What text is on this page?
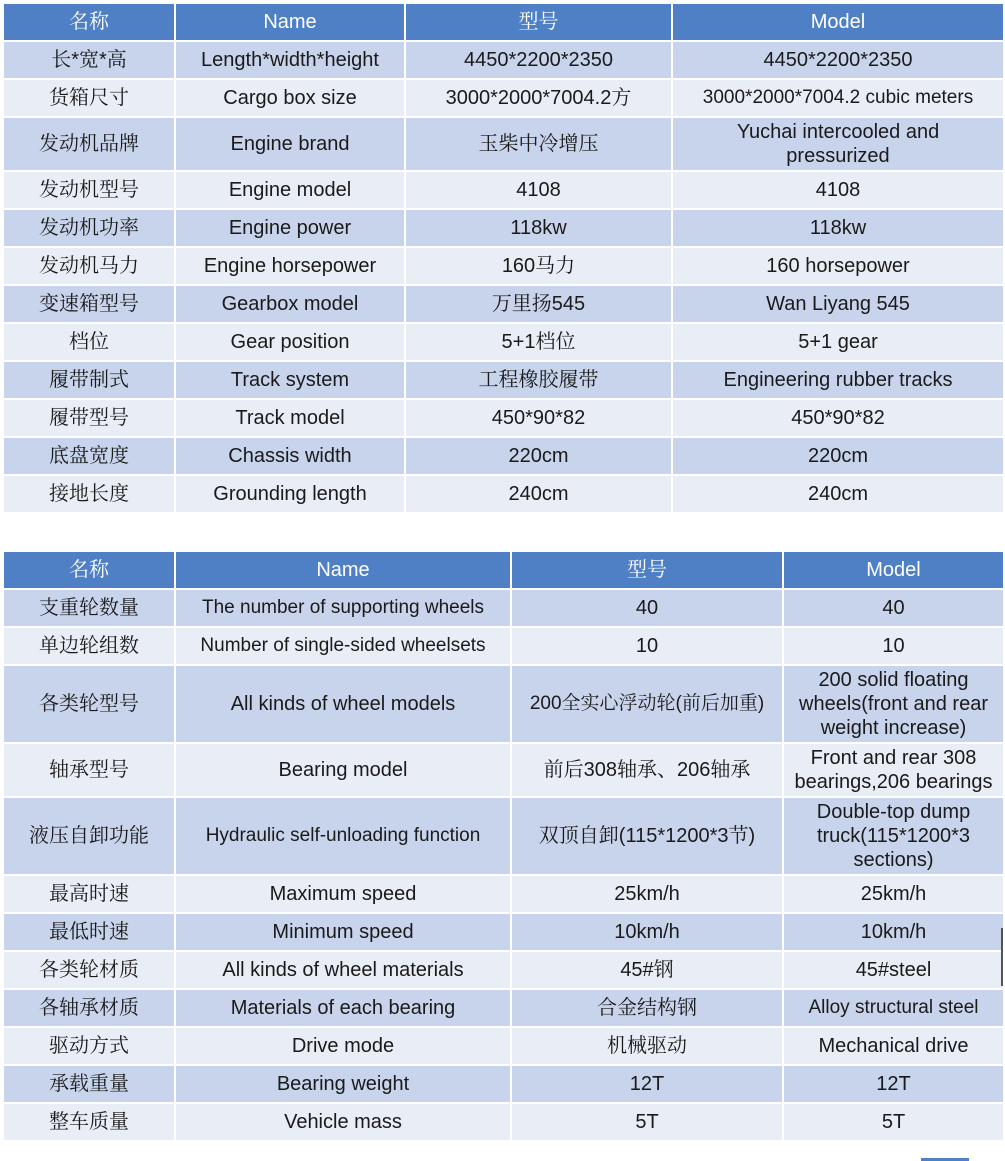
名称	Name	型号	Model
长*宽*高	Length*width*height	4450*2200*2350	4450*2200*2350
货箱尺寸	Cargo box size	3000*2000*7004.2方	3000*2000*7004.2 cubic meters
发动机品牌	Engine brand	玉柴中冷增压	Yuchai intercooled and pressurized
发动机型号	Engine model	4108	4108
发动机功率	Engine power	118kw	118kw
发动机马力	Engine horsepower	160马力	160 horsepower
变速箱型号	Gearbox model	万里扬545	Wan Liyang 545
档位	Gear position	5+1档位	5+1 gear
履带制式	Track system	工程橡胶履带	Engineering rubber tracks
履带型号	Track model	450*90*82	450*90*82
底盘宽度	Chassis width	220cm	220cm
接地长度	Grounding length	240cm	240cm
名称	Name	型号	Model
支重轮数量	The number of supporting wheels	40	40
单边轮组数	Number of single-sided wheelsets	10	10
各类轮型号	All kinds of wheel models	200全实心浮动轮(前后加重)	200 solid floating wheels(front and rear weight increase)
轴承型号	Bearing model	前后308轴承、206轴承	Front and rear 308 bearings,206 bearings
液压自卸功能	Hydraulic self-unloading function	双顶自卸(115*1200*3节)	Double-top dump truck(115*1200*3 sections)
最高时速	Maximum speed	25km/h	25km/h
最低时速	Minimum speed	10km/h	10km/h
各类轮材质	All kinds of wheel materials	45#钢	45#steel
各轴承材质	Materials of each bearing	合金结构钢	Alloy structural steel
驱动方式	Drive mode	机械驱动	Mechanical drive
承载重量	Bearing weight	12T	12T
整车质量	Vehicle mass	5T	5T
